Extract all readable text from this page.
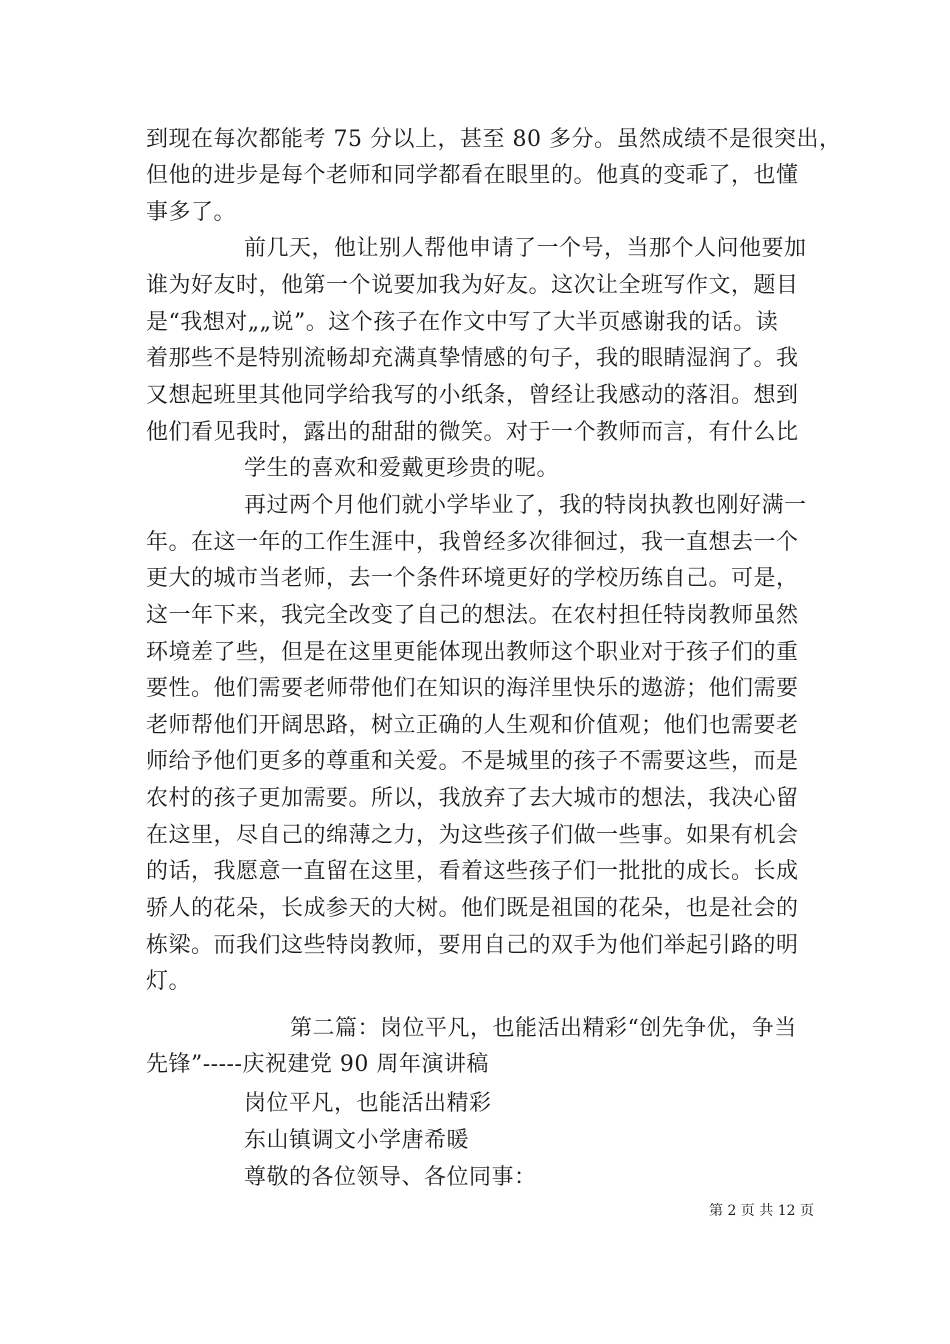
到现在每次都能考 75 分以上，甚至 80 多分。虽然成绩不是很突出，
但他的进步是每个老师和同学都看在眼里的。他真的变乖了，也懂
事多了。
前几天，他让别人帮他申请了一个号，当那个人问他要加
谁为好友时，他第一个说要加我为好友。这次让全班写作文，题目
是“我想对„„说”。这个孩子在作文中写了大半页感谢我的话。读
着那些不是特别流畅却充满真挚情感的句子，我的眼睛湿润了。我
又想起班里其他同学给我写的小纸条，曾经让我感动的落泪。想到
他们看见我时，露出的甜甜的微笑。对于一个教师而言，有什么比
学生的喜欢和爱戴更珍贵的呢。
再过两个月他们就小学毕业了，我的特岗执教也刚好满一
年。在这一年的工作生涯中，我曾经多次徘徊过，我一直想去一个
更大的城市当老师，去一个条件环境更好的学校历练自己。可是，
这一年下来，我完全改变了自己的想法。在农村担任特岗教师虽然
环境差了些，但是在这里更能体现出教师这个职业对于孩子们的重
要性。他们需要老师带他们在知识的海洋里快乐的遨游；他们需要
老师帮他们开阔思路，树立正确的人生观和价值观；他们也需要老
师给予他们更多的尊重和关爱。不是城里的孩子不需要这些，而是
农村的孩子更加需要。所以，我放弃了去大城市的想法，我决心留
在这里，尽自己的绵薄之力，为这些孩子们做一些事。如果有机会
的话，我愿意一直留在这里，看着这些孩子们一批批的成长。长成
骄人的花朵，长成参天的大树。他们既是祖国的花朵，也是社会的
栋梁。而我们这些特岗教师，要用自己的双手为他们举起引路的明
灯。
第二篇：岗位平凡，也能活出精彩“创先争优，争当
先锋”-----庆祝建党 90 周年演讲稿
岗位平凡，也能活出精彩
东山镇调文小学唐希暖
尊敬的各位领导、各位同事：
第 2 页 共 12 页
